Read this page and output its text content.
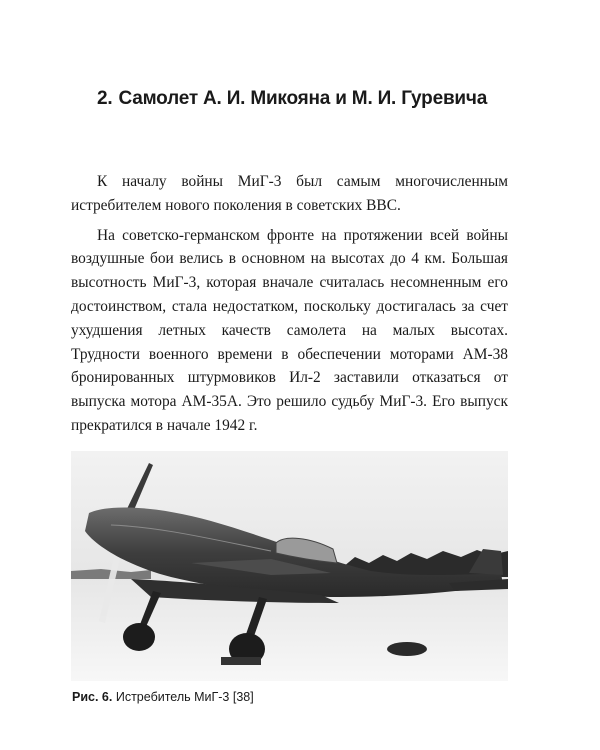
2. Самолет А. И. Микояна и М. И. Гуревича

К началу войны МиГ-3 был самым многочисленным истребителем нового поколения в советских ВВС.

На советско-германском фронте на протяжении всей войны воздушные бои велись в основном на высотах до 4 км. Большая высотность МиГ-3, которая вначале считалась несомненным его достоинством, стала недостатком, поскольку достигалась за счет ухудшения летных качеств самолета на малых высотах. Трудности военного времени в обеспечении моторами АМ-38 бронированных штурмовиков Ил-2 заставили отказаться от выпуска мотора АМ-35А. Это решило судьбу МиГ-3. Его выпуск прекратился в начале 1942 г.

Рис. 6. Истребитель МиГ-3 [38]
